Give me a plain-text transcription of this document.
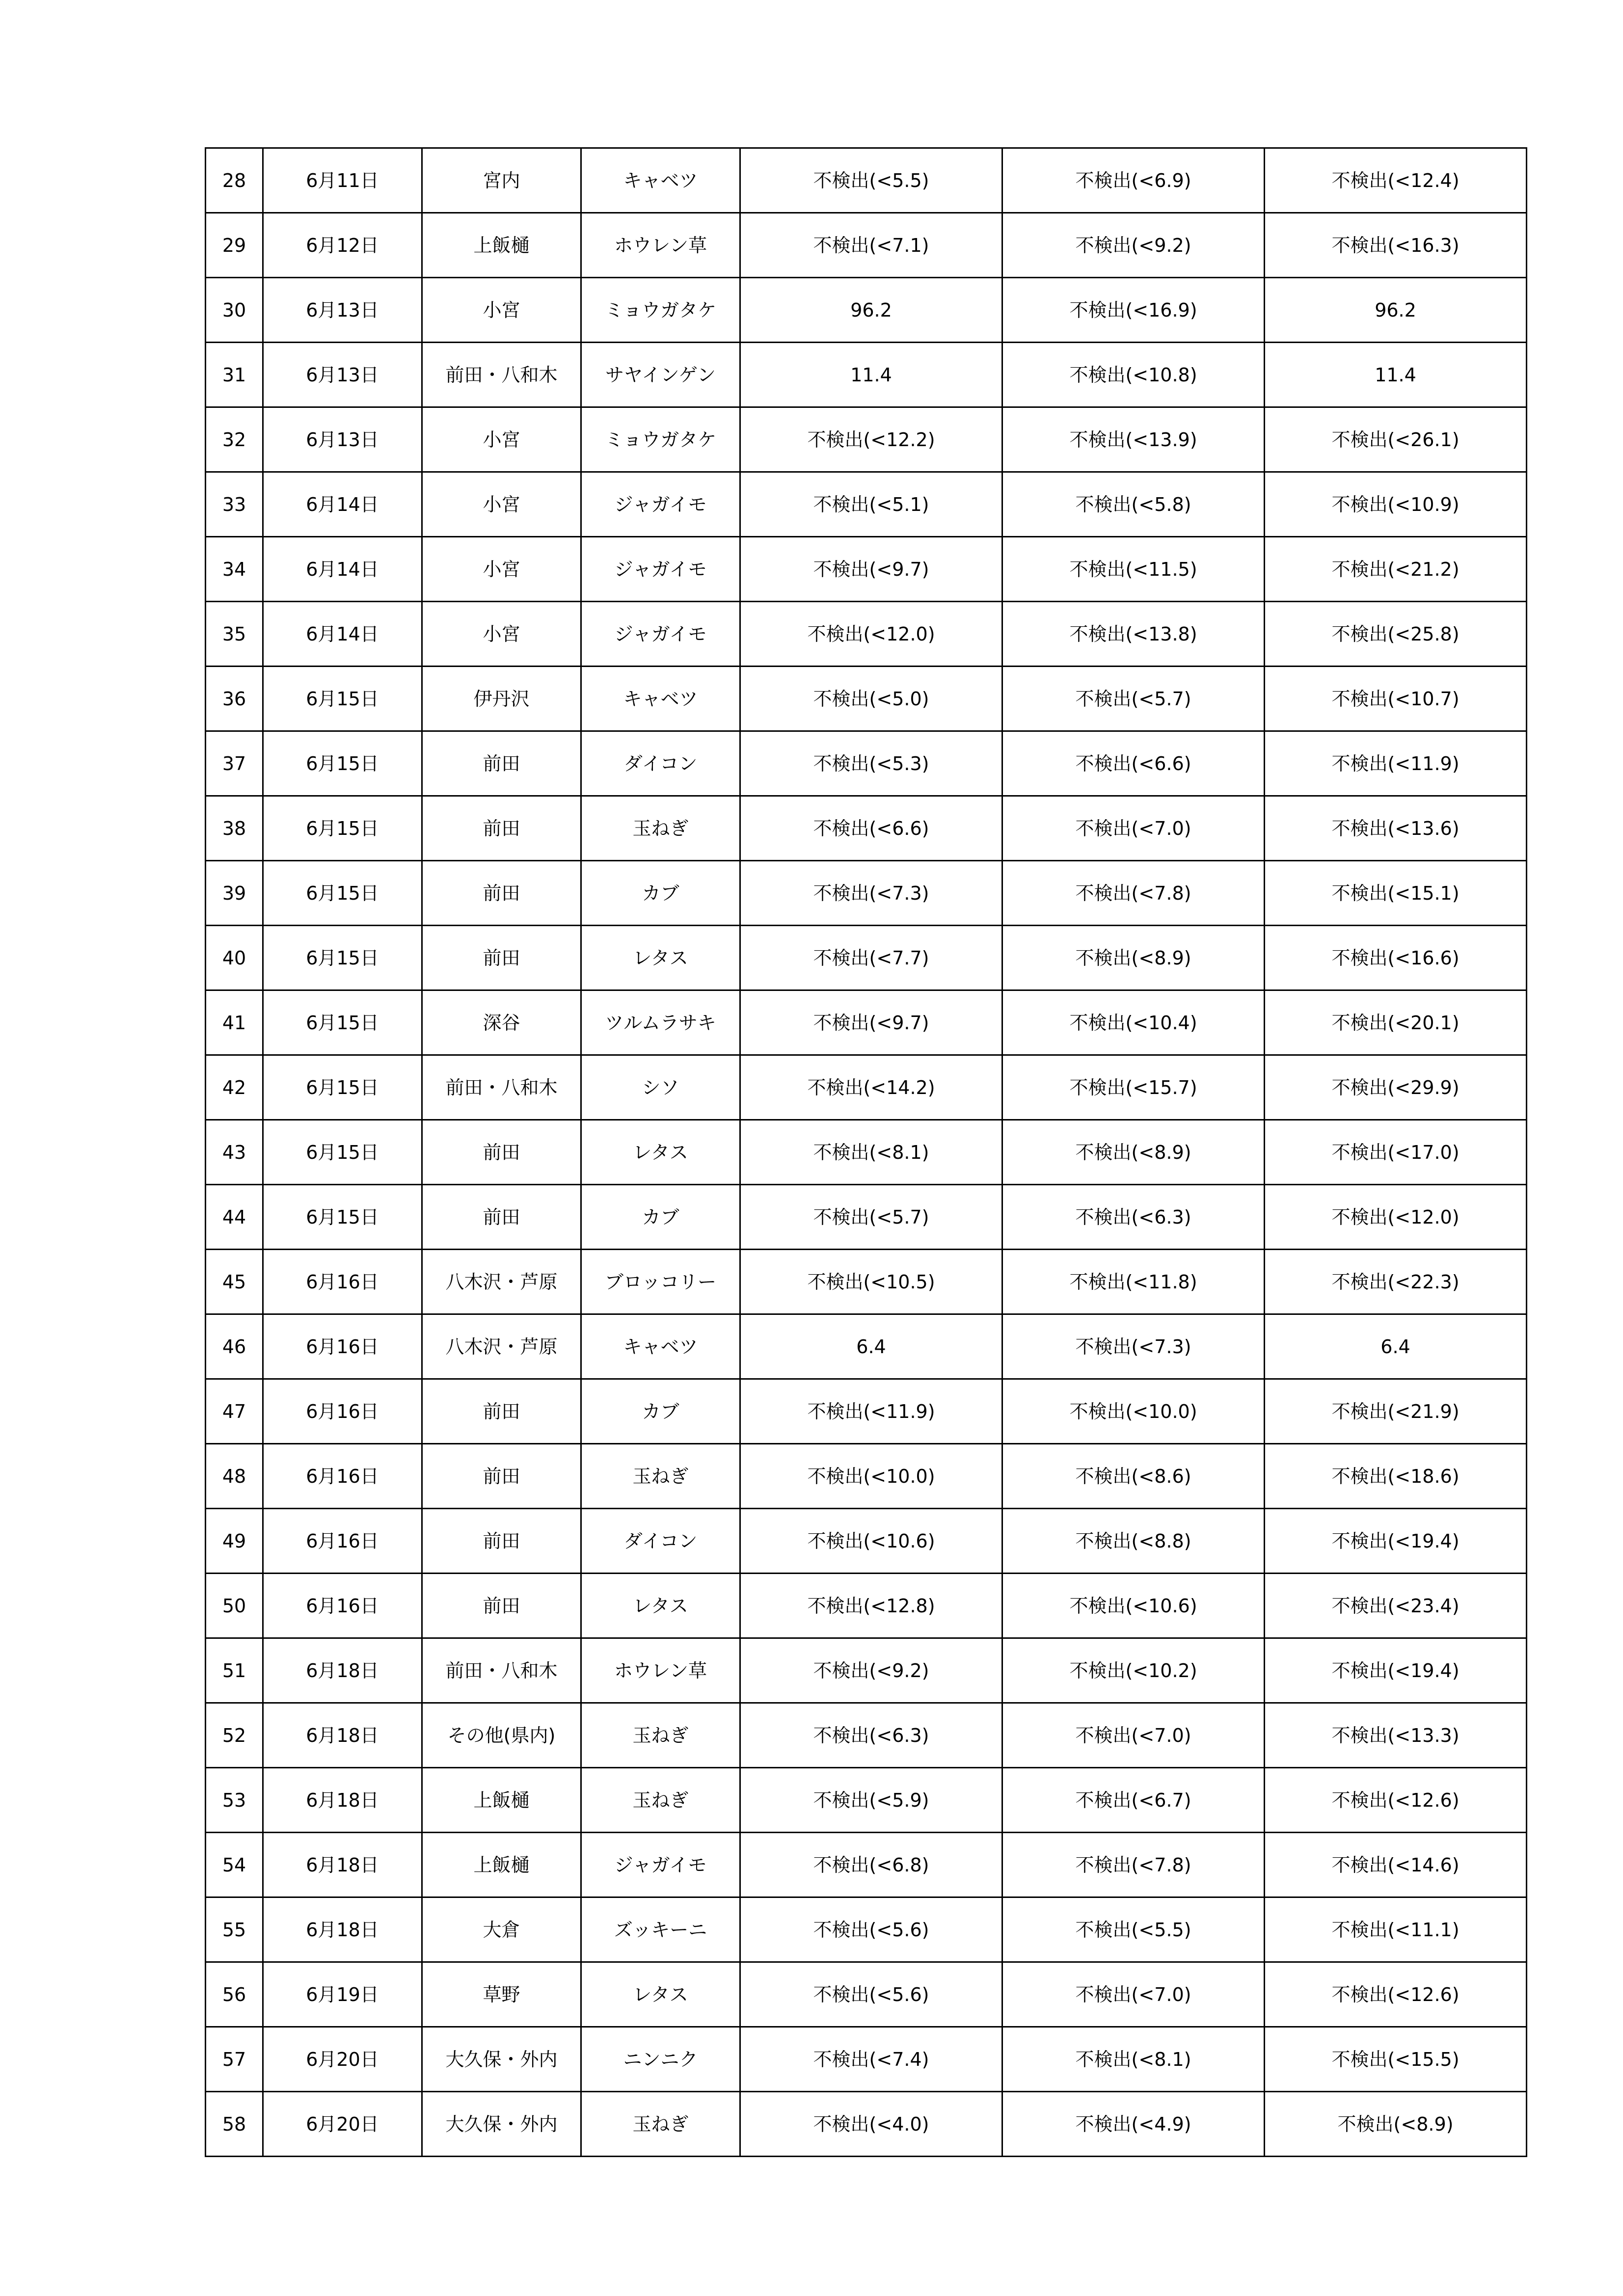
28	6月11日	宮内	キャベツ	不検出(<5.5)	不検出(<6.9)	不検出(<12.4)
29	6月12日	上飯樋	ホウレン草	不検出(<7.1)	不検出(<9.2)	不検出(<16.3)
30	6月13日	小宮	ミョウガタケ	96.2	不検出(<16.9)	96.2
31	6月13日	前田・八和木	サヤインゲン	11.4	不検出(<10.8)	11.4
32	6月13日	小宮	ミョウガタケ	不検出(<12.2)	不検出(<13.9)	不検出(<26.1)
33	6月14日	小宮	ジャガイモ	不検出(<5.1)	不検出(<5.8)	不検出(<10.9)
34	6月14日	小宮	ジャガイモ	不検出(<9.7)	不検出(<11.5)	不検出(<21.2)
35	6月14日	小宮	ジャガイモ	不検出(<12.0)	不検出(<13.8)	不検出(<25.8)
36	6月15日	伊丹沢	キャベツ	不検出(<5.0)	不検出(<5.7)	不検出(<10.7)
37	6月15日	前田	ダイコン	不検出(<5.3)	不検出(<6.6)	不検出(<11.9)
38	6月15日	前田	玉ねぎ	不検出(<6.6)	不検出(<7.0)	不検出(<13.6)
39	6月15日	前田	カブ	不検出(<7.3)	不検出(<7.8)	不検出(<15.1)
40	6月15日	前田	レタス	不検出(<7.7)	不検出(<8.9)	不検出(<16.6)
41	6月15日	深谷	ツルムラサキ	不検出(<9.7)	不検出(<10.4)	不検出(<20.1)
42	6月15日	前田・八和木	シソ	不検出(<14.2)	不検出(<15.7)	不検出(<29.9)
43	6月15日	前田	レタス	不検出(<8.1)	不検出(<8.9)	不検出(<17.0)
44	6月15日	前田	カブ	不検出(<5.7)	不検出(<6.3)	不検出(<12.0)
45	6月16日	八木沢・芦原	ブロッコリー	不検出(<10.5)	不検出(<11.8)	不検出(<22.3)
46	6月16日	八木沢・芦原	キャベツ	6.4	不検出(<7.3)	6.4
47	6月16日	前田	カブ	不検出(<11.9)	不検出(<10.0)	不検出(<21.9)
48	6月16日	前田	玉ねぎ	不検出(<10.0)	不検出(<8.6)	不検出(<18.6)
49	6月16日	前田	ダイコン	不検出(<10.6)	不検出(<8.8)	不検出(<19.4)
50	6月16日	前田	レタス	不検出(<12.8)	不検出(<10.6)	不検出(<23.4)
51	6月18日	前田・八和木	ホウレン草	不検出(<9.2)	不検出(<10.2)	不検出(<19.4)
52	6月18日	その他(県内)	玉ねぎ	不検出(<6.3)	不検出(<7.0)	不検出(<13.3)
53	6月18日	上飯樋	玉ねぎ	不検出(<5.9)	不検出(<6.7)	不検出(<12.6)
54	6月18日	上飯樋	ジャガイモ	不検出(<6.8)	不検出(<7.8)	不検出(<14.6)
55	6月18日	大倉	ズッキーニ	不検出(<5.6)	不検出(<5.5)	不検出(<11.1)
56	6月19日	草野	レタス	不検出(<5.6)	不検出(<7.0)	不検出(<12.6)
57	6月20日	大久保・外内	ニンニク	不検出(<7.4)	不検出(<8.1)	不検出(<15.5)
58	6月20日	大久保・外内	玉ねぎ	不検出(<4.0)	不検出(<4.9)	不検出(<8.9)
